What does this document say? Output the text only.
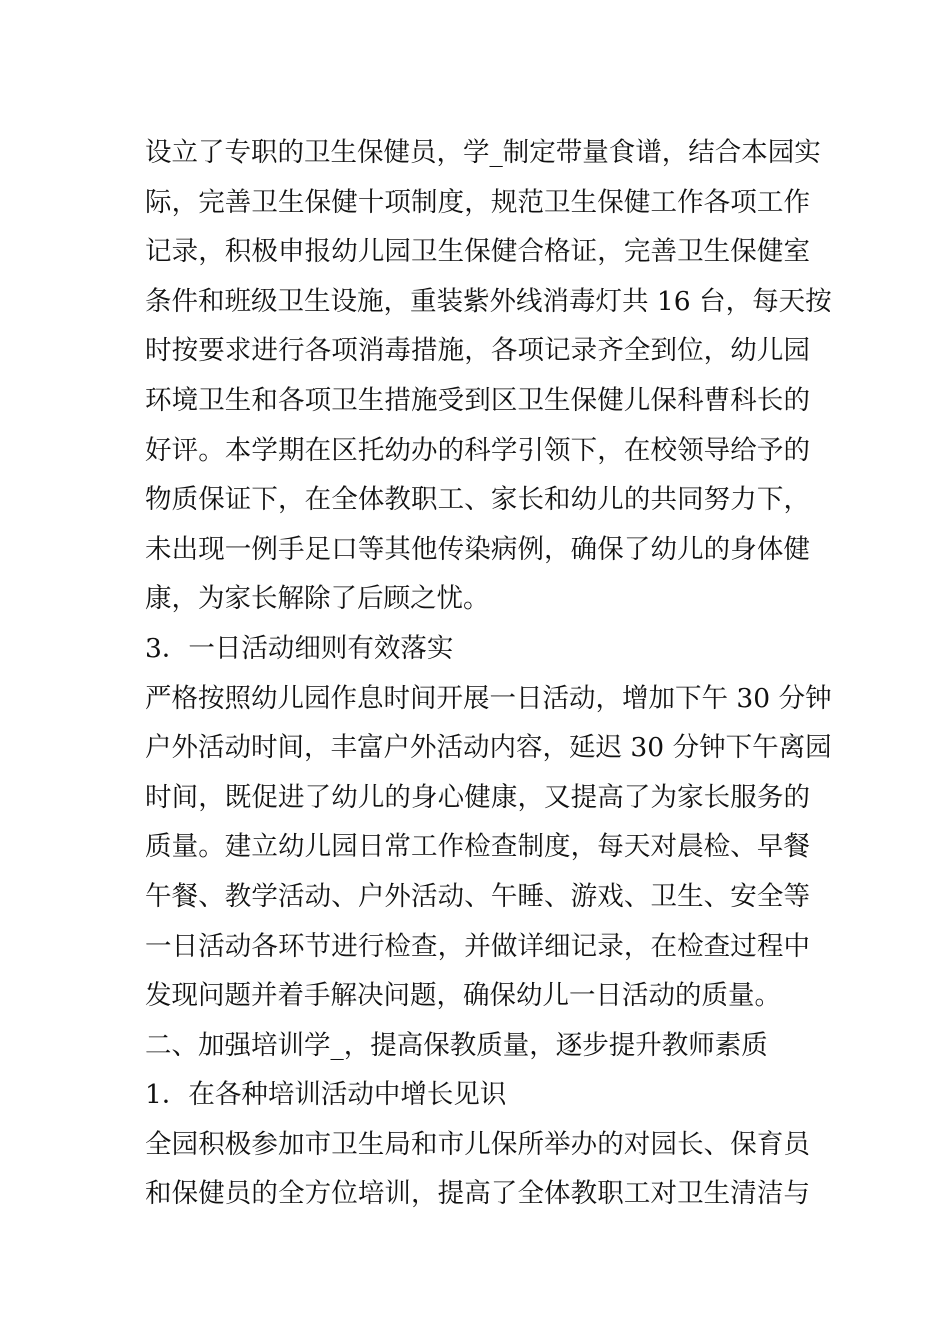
设立了专职的卫生保健员，学_制定带量食谱，结合本园实
际，完善卫生保健十项制度，规范卫生保健工作各项工作
记录，积极申报幼儿园卫生保健合格证，完善卫生保健室
条件和班级卫生设施，重装紫外线消毒灯共 16 台，每天按
时按要求进行各项消毒措施，各项记录齐全到位，幼儿园
环境卫生和各项卫生措施受到区卫生保健儿保科曹科长的
好评。本学期在区托幼办的科学引领下，在校领导给予的
物质保证下，在全体教职工、家长和幼儿的共同努力下，
未出现一例手足口等其他传染病例，确保了幼儿的身体健
康，为家长解除了后顾之忧。
3．一日活动细则有效落实
严格按照幼儿园作息时间开展一日活动，增加下午 30 分钟
户外活动时间，丰富户外活动内容，延迟 30 分钟下午离园
时间，既促进了幼儿的身心健康，又提高了为家长服务的
质量。建立幼儿园日常工作检查制度，每天对晨检、早餐
午餐、教学活动、户外活动、午睡、游戏、卫生、安全等
一日活动各环节进行检查，并做详细记录，在检查过程中
发现问题并着手解决问题，确保幼儿一日活动的质量。
二、加强培训学_，提高保教质量，逐步提升教师素质
1．在各种培训活动中增长见识
全园积极参加市卫生局和市儿保所举办的对园长、保育员
和保健员的全方位培训，提高了全体教职工对卫生清洁与
